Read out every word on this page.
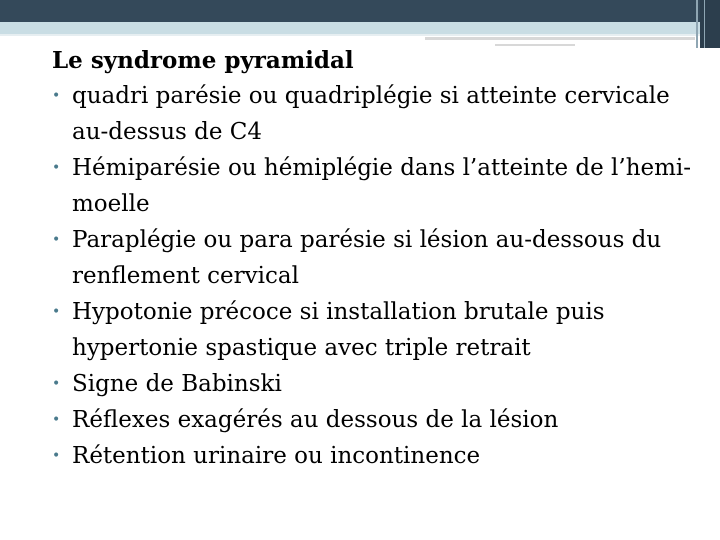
Le syndrome pyramidal

• quadri parésie ou quadriplégie si atteinte cervicale au-dessus de C4
• Hémiparésie ou hémiplégie dans l’atteinte de l’hemi-moelle
• Paraplégie ou para parésie si lésion au-dessous du renflement cervical
• Hypotonie précoce si installation brutale puis hypertonie spastique avec triple retrait
• Signe de Babinski
• Réflexes exagérés au dessous de la lésion
• Rétention urinaire ou incontinence
